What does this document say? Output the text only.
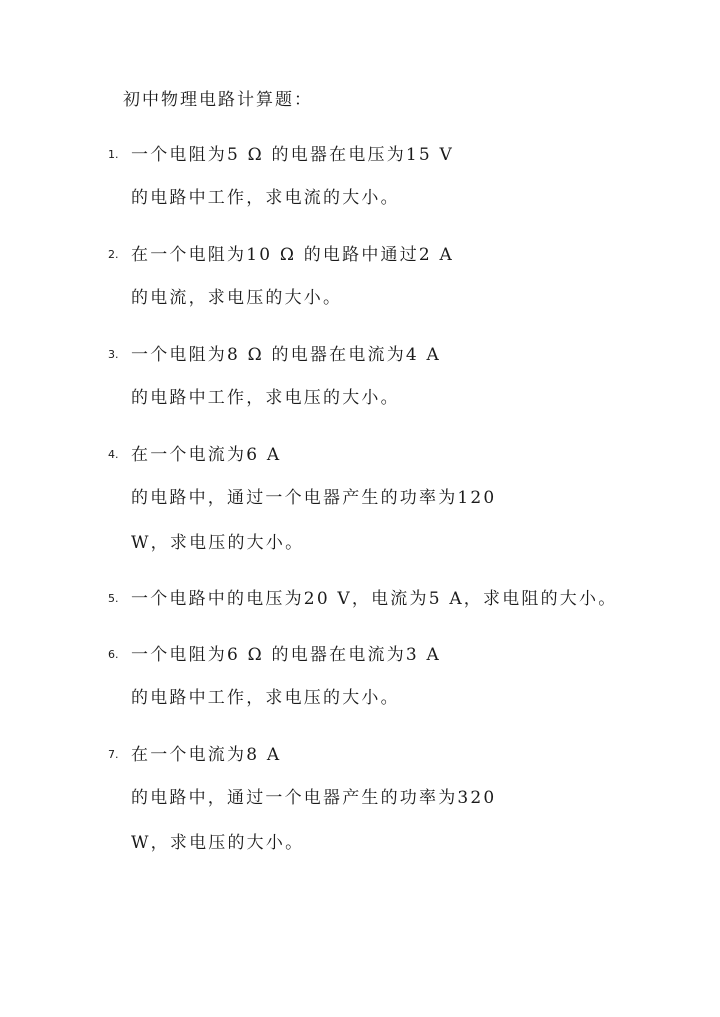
初中物理电路计算题：
1. 一个电阻为5 Ω 的电器在电压为15 V
的电路中工作，求电流的大小。
2. 在一个电阻为10 Ω 的电路中通过2 A
的电流，求电压的大小。
3. 一个电阻为8 Ω 的电器在电流为4 A
的电路中工作，求电压的大小。
4. 在一个电流为6 A
的电路中，通过一个电器产生的功率为120
W，求电压的大小。
5. 一个电路中的电压为20 V，电流为5 A，求电阻的大小。
6. 一个电阻为6 Ω 的电器在电流为3 A
的电路中工作，求电压的大小。
7. 在一个电流为8 A
的电路中，通过一个电器产生的功率为320
W，求电压的大小。
